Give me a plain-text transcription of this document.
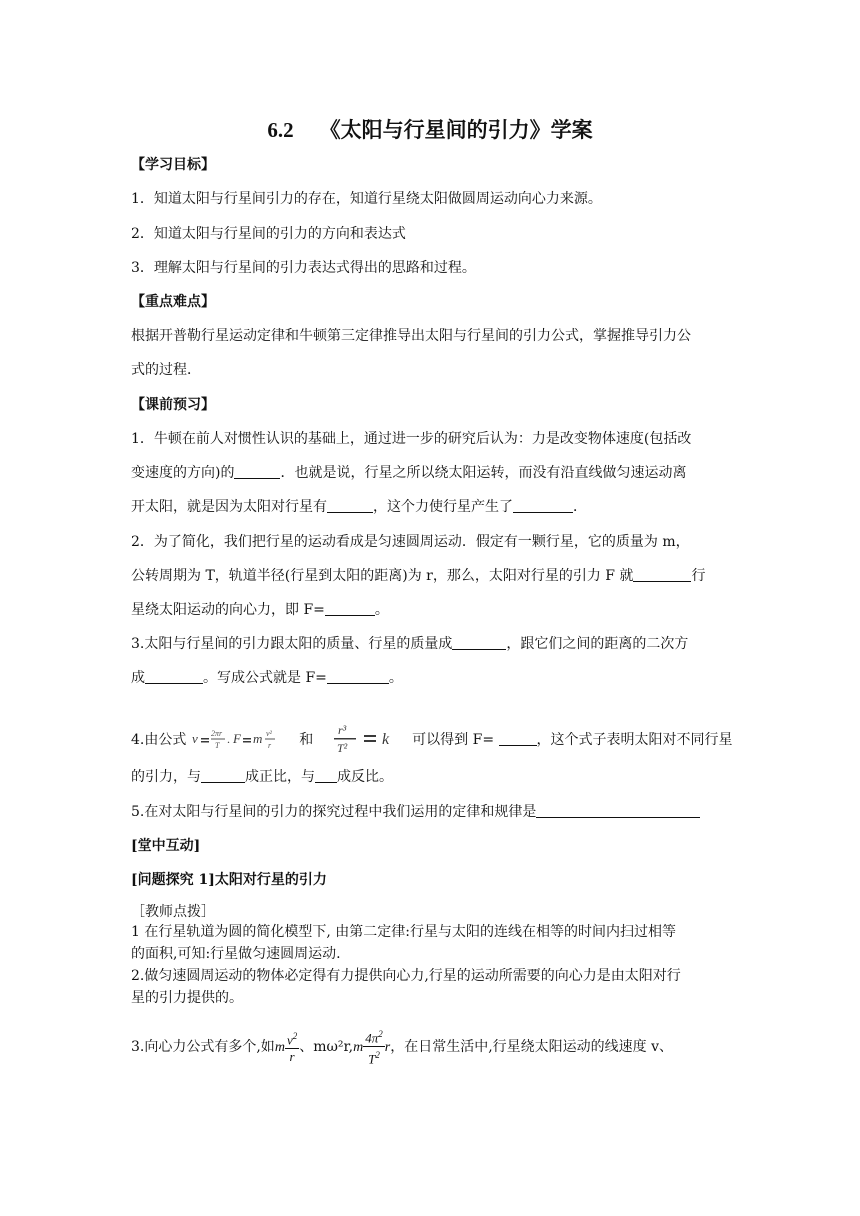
6.2 《太阳与行星间的引力》学案
【学习目标】
1．知道太阳与行星间引力的存在，知道行星绕太阳做圆周运动向心力来源。
2．知道太阳与行星间的引力的方向和表达式
3．理解太阳与行星间的引力表达式得出的思路和过程。
【重点难点】
根据开普勒行星运动定律和牛顿第三定律推导出太阳与行星间的引力公式，掌握推导引力公
式的过程．
【课前预习】
1．牛顿在前人对惯性认识的基础上，通过进一步的研究后认为：力是改变物体速度(包括改
变速度的方向)的	．也就是说，行星之所以绕太阳运转，而没有沿直线做匀速运动离
开太阳，就是因为太阳对行星有	，这个力使行星产生了	．
2．为了简化，我们把行星的运动看成是匀速圆周运动．假定有一颗行星，它的质量为 m，
公转周期为 T，轨道半径(行星到太阳的距离)为 r，那么，太阳对行星的引力 F 就	行
星绕太阳运动的向心力，即 F=	。
3.太阳与行星间的引力跟太阳的质量、行星的质量成	，跟它们之间的距离的二次方
成	。写成公式就是 F=	。
4.由公式 v 2πr
T . F m v²
r 和
r³
T² k 可以得到 F=	，这个式子表明太阳对不同行星
的引力，与	成正比，与 成反比。
5.在对太阳与行星间的引力的探究过程中我们运用的定律和规律是
[堂中互动]
[问题探究 1]太阳对行星的引力
［教师点拨］
1 在行星轨道为圆的简化模型下, 由第二定律:行星与太阳的连线在相等的时间内扫过相等
的面积,可知:行星做匀速圆周运动.
2.做匀速圆周运动的物体必定得有力提供向心力,行星的运动所需要的向心力是由太阳对行
星的引力提供的。
3.向心力公式有多个,如m $\frac{v^2}{r}$ 、$m\omega^2r,m \frac{4\pi^2}{T^2}$ r，在日常生活中,行星绕太阳运动的线速度 v、
